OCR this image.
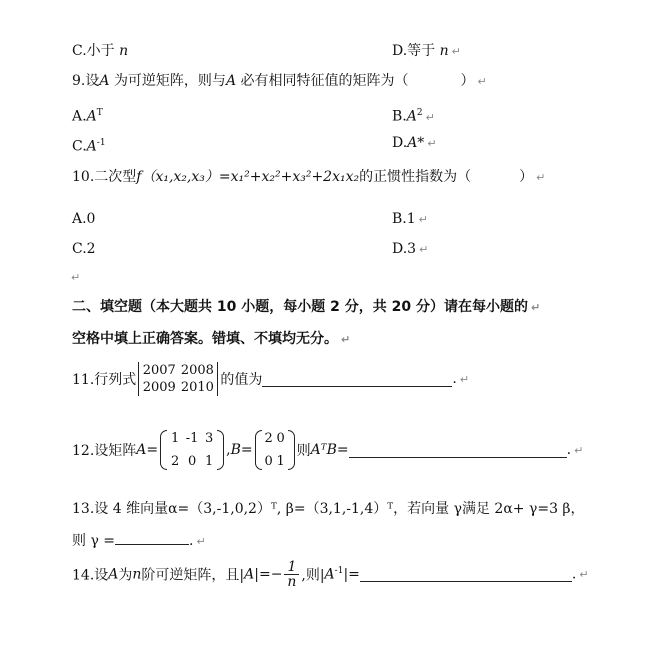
C.小于 n	D.等于 n ↵
9.设A 为可逆矩阵，则与A 必有相同特征值的矩阵为（	） ↵
$A.A^T$	$B.A^2$ ↵
$C.A^{-1}$	D.A* ↵
10.二次型f（x₁,x₂,x₃）=x₁²+x₂²+x₃²+2x₁x₂的正惯性指数为（	） ↵
A.0	B.1 ↵
C.2	D.3 ↵
↵
二、填空题（本大题共 10 小题，每小题 2 分，共 20 分）请在每小题的 ↵
空格中填上正确答案。错填、不填均无分。 ↵
11.行列式
2007 2008
2009 2010 的值为	. ↵
12.设矩阵A=
1 -1 3
2 0 1
,B=
2 0
0 1
则AᵀB=	. ↵
13.设 4 维向量α=（3,-1,0,2）ᵀ, β=（3,1,-1,4）ᵀ，若向量 γ满足 2α+ γ=3 β，
则 γ =	. ↵
14.设A为n阶可逆矩阵，且$|A|=- \frac{1}{n}$ ,则$|A^{-1}|=$	. ↵
